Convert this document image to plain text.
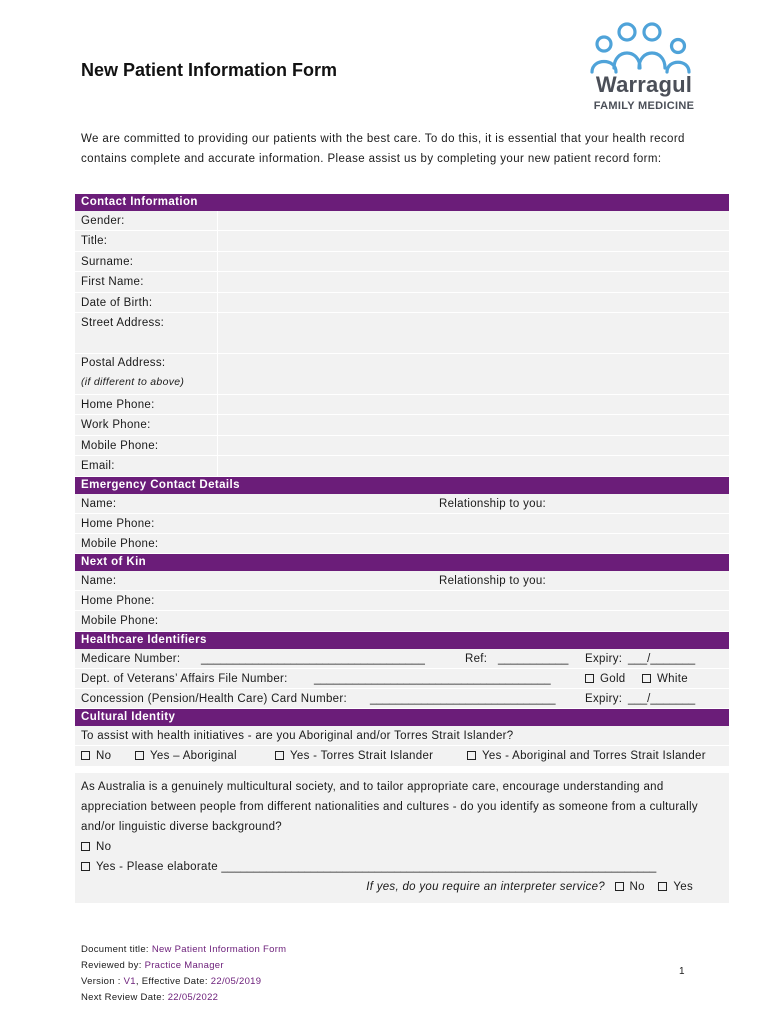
New Patient Information Form
Warragul
FAMILY MEDICINE
We are committed to providing our patients with the best care. To do this, it is essential that your health record contains complete and accurate information. Please assist us by completing your new patient record form:
Contact Information
Gender:
Title:
Surname:
First Name:
Date of Birth:
Street Address:
Postal Address:
(if different to above)
Home Phone:
Work Phone:
Mobile Phone:
Email:
Emergency Contact Details
Name:	Relationship to you:
Home Phone:
Mobile Phone:
Next of Kin
Name:	Relationship to you:
Home Phone:
Mobile Phone:
Healthcare Identifiers
Medicare Number: ___________________________________	Ref: ___________ Expiry: ___/_______
Dept. of Veterans’ Affairs File Number: _____________________________________	Gold	White
Concession (Pension/Health Care) Card Number: _____________________________	Expiry: ___/_______
Cultural Identity
To assist with health initiatives - are you Aboriginal and/or Torres Strait Islander?
No	Yes – Aboriginal	Yes - Torres Strait Islander	Yes - Aboriginal and Torres Strait Islander
As Australia is a genuinely multicultural society, and to tailor appropriate care, encourage understanding and appreciation between people from different nationalities and cultures - do you identify as someone from a culturally and/or linguistic diverse background?
No
Yes - Please elaborate ____________________________________________________________________
If yes, do you require an interpreter service? No Yes
Document title: New Patient Information Form
Reviewed by: Practice Manager
Version : V1, Effective Date: 22/05/2019
Next Review Date: 22/05/2022
1
